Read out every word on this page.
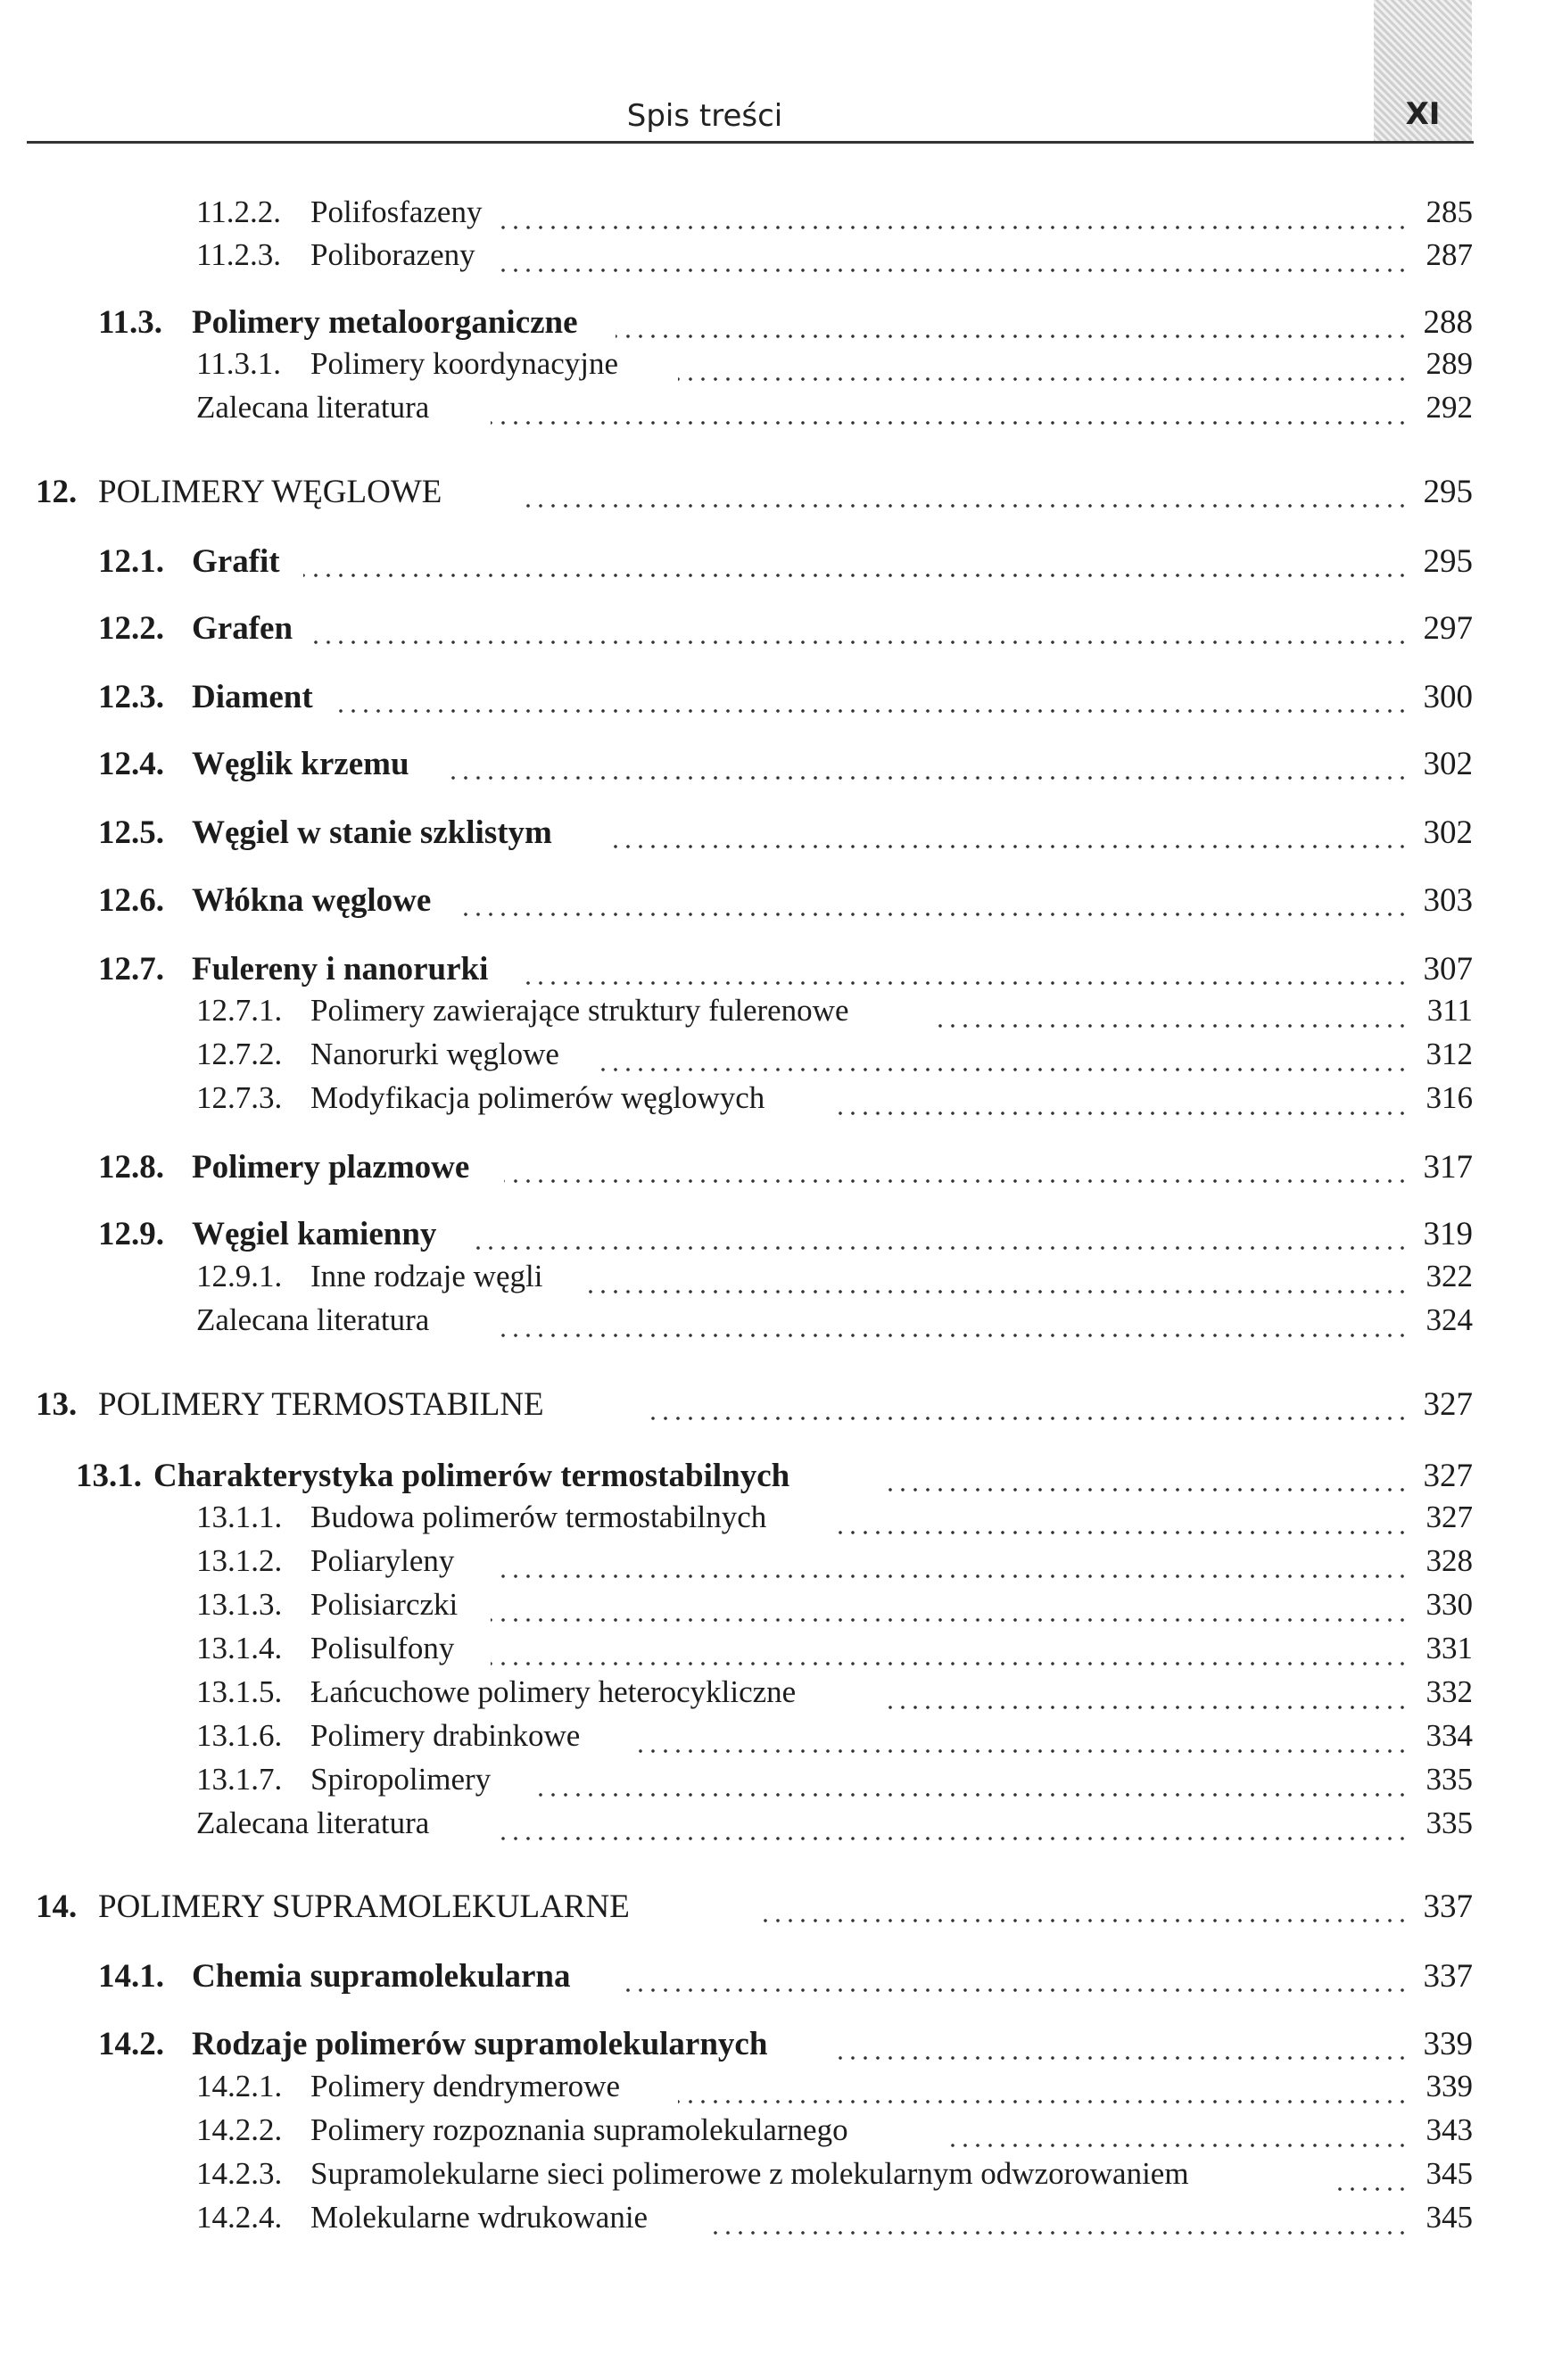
Spis treści	XI
11.2.2. Polifosfazeny	285
11.2.3. Poliborazeny	287
11.3. Polimery metaloorganiczne	288
11.3.1. Polimery koordynacyjne	289
Zalecana literatura	292
12. POLIMERY WĘGLOWE	295
12.1. Grafit	295
12.2. Grafen	297
12.3. Diament	300
12.4. Węglik krzemu	302
12.5. Węgiel w stanie szklistym	302
12.6. Włókna węglowe	303
12.7. Fulereny i nanorurki	307
12.7.1. Polimery zawierające struktury fulerenowe	311
12.7.2. Nanorurki węglowe	312
12.7.3. Modyfikacja polimerów węglowych	316
12.8. Polimery plazmowe	317
12.9. Węgiel kamienny	319
12.9.1. Inne rodzaje węgli	322
Zalecana literatura	324
13. POLIMERY TERMOSTABILNE	327
13.1. Charakterystyka polimerów termostabilnych	327
13.1.1. Budowa polimerów termostabilnych	327
13.1.2. Poliaryleny	328
13.1.3. Polisiarczki	330
13.1.4. Polisulfony	331
13.1.5. Łańcuchowe polimery heterocykliczne	332
13.1.6. Polimery drabinkowe	334
13.1.7. Spiropolimery	335
Zalecana literatura	335
14. POLIMERY SUPRAMOLEKULARNE	337
14.1. Chemia supramolekularna	337
14.2. Rodzaje polimerów supramolekularnych	339
14.2.1. Polimery dendrymerowe	339
14.2.2. Polimery rozpoznania supramolekularnego	343
14.2.3. Supramolekularne sieci polimerowe z molekularnym odwzorowaniem	345
14.2.4. Molekularne wdrukowanie	345
